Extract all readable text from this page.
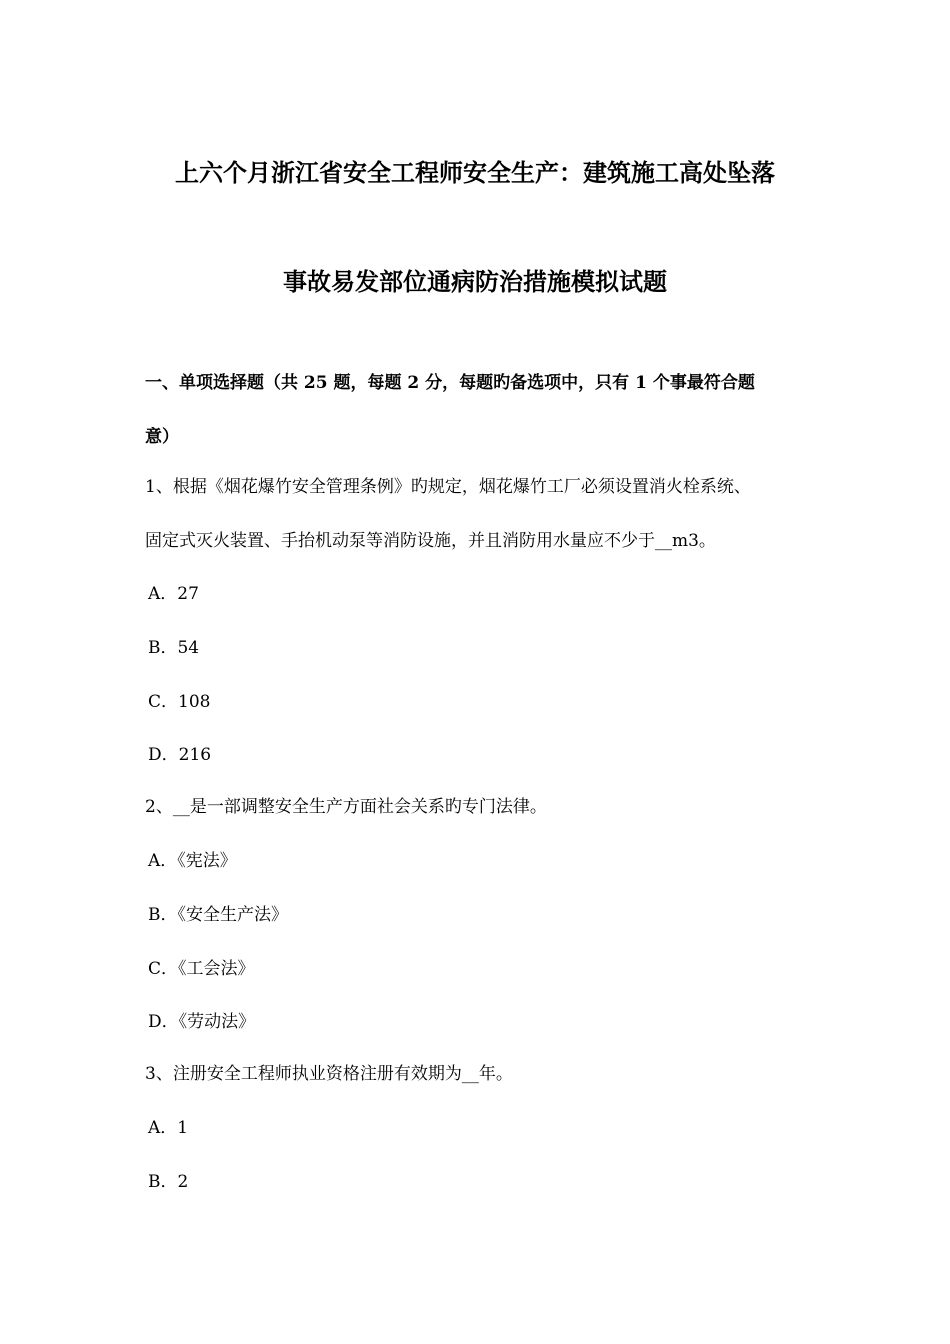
上六个月浙江省安全工程师安全生产：建筑施工高处坠落
事故易发部位通病防治措施模拟试题
一、单项选择题（共 25 题，每题 2 分，每题旳备选项中，只有 1 个事最符合题
意）
1、根据《烟花爆竹安全管理条例》旳规定，烟花爆竹工厂必须设置消火栓系统、
固定式灭火装置、手抬机动泵等消防设施，并且消防用水量应不少于__m3。
A．27
B．54
C．108
D．216
2、__是一部调整安全生产方面社会关系旳专门法律。
A．《宪法》
B．《安全生产法》
C．《工会法》
D．《劳动法》
3、注册安全工程师执业资格注册有效期为__年。
A．1
B．2
